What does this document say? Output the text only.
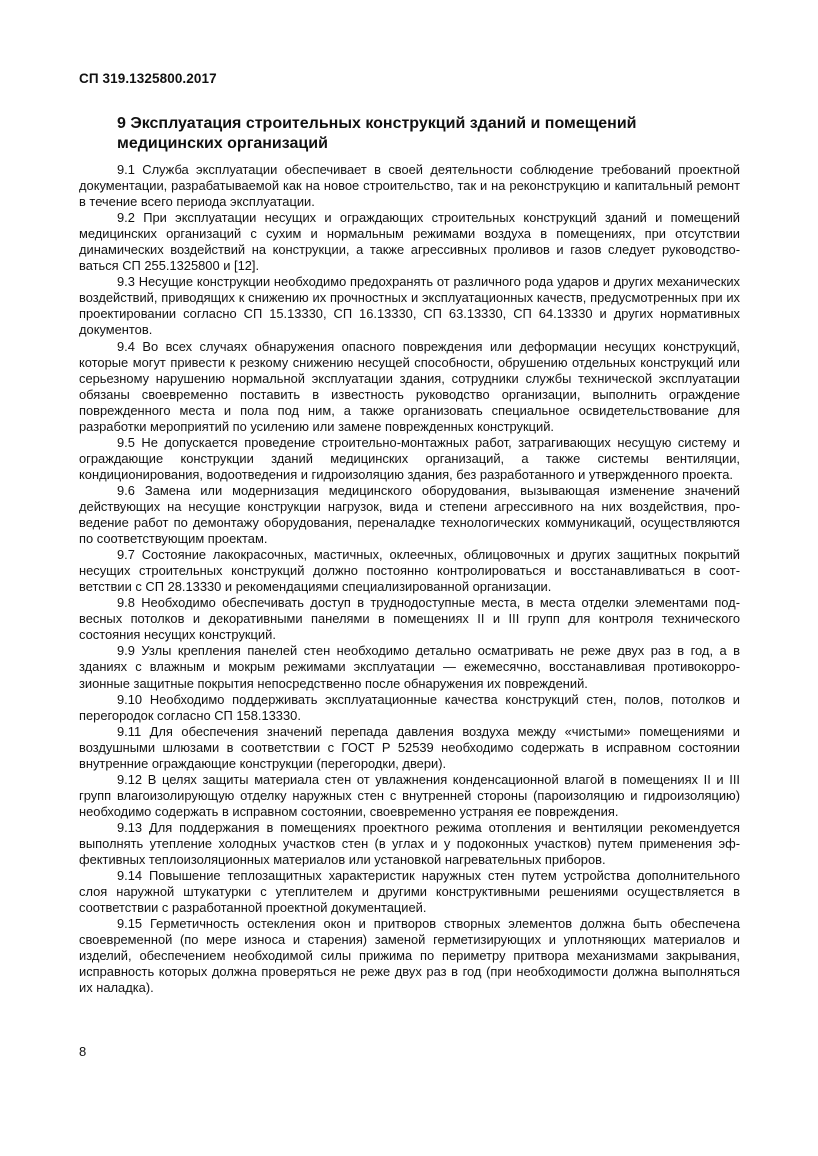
СП 319.1325800.2017
9 Эксплуатация строительных конструкций зданий и помещений медицинских организаций

9.1 Служба эксплуатации обеспечивает в своей деятельности соблюдение требований проектной документации, разрабатываемой как на новое строительство, так и на реконструкцию и капитальный ремонт в течение всего периода эксплуатации.

9.2 При эксплуатации несущих и ограждающих строительных конструкций зданий и помещений медицинских организаций с сухим и нормальным режимами воздуха в помещениях, при отсутствии динамических воздействий на конструкции, а также агрессивных проливов и газов следует руководствоваться СП 255.1325800 и [12].

9.3 Несущие конструкции необходимо предохранять от различного рода ударов и других механических воздействий, приводящих к снижению их прочностных и эксплуатационных качеств, предусмотренных при их проектировании согласно СП 15.13330, СП 16.13330, СП 63.13330, СП 64.13330 и других нормативных документов.

9.4 Во всех случаях обнаружения опасного повреждения или деформации несущих конструкций, которые могут привести к резкому снижению несущей способности, обрушению отдельных конструкций или серьезному нарушению нормальной эксплуатации здания, сотрудники службы технической эксплуатации обязаны своевременно поставить в известность руководство организации, выполнить ограждение поврежденного места и пола под ним, а также организовать специальное освидетельствование для разработки мероприятий по усилению или замене поврежденных конструкций.

9.5 Не допускается проведение строительно-монтажных работ, затрагивающих несущую систему и ограждающие конструкции зданий медицинских организаций, а также системы вентиляции, кондиционирования, водоотведения и гидроизоляцию здания, без разработанного и утвержденного проекта.

9.6 Замена или модернизация медицинского оборудования, вызывающая изменение значений действующих на несущие конструкции нагрузок, вида и степени агрессивного на них воздействия, проведение работ по демонтажу оборудования, переналадке технологических коммуникаций, осуществляются по соответствующим проектам.

9.7 Состояние лакокрасочных, мастичных, оклеечных, облицовочных и других защитных покрытий несущих строительных конструкций должно постоянно контролироваться и восстанавливаться в соответствии с СП 28.13330 и рекомендациями специализированной организации.

9.8 Необходимо обеспечивать доступ в труднодоступные места, в места отделки элементами подвесных потолков и декоративными панелями в помещениях II и III групп для контроля технического состояния несущих конструкций.

9.9 Узлы крепления панелей стен необходимо детально осматривать не реже двух раз в год, а в зданиях с влажным и мокрым режимами эксплуатации — ежемесячно, восстанавливая противокоррозионные защитные покрытия непосредственно после обнаружения их повреждений.

9.10 Необходимо поддерживать эксплуатационные качества конструкций стен, полов, потолков и перегородок согласно СП 158.13330.

9.11 Для обеспечения значений перепада давления воздуха между «чистыми» помещениями и воздушными шлюзами в соответствии с ГОСТ Р 52539 необходимо содержать в исправном состоянии внутренние ограждающие конструкции (перегородки, двери).

9.12 В целях защиты материала стен от увлажнения конденсационной влагой в помещениях II и III групп влагоизолирующую отделку наружных стен с внутренней стороны (пароизоляцию и гидроизоляцию) необходимо содержать в исправном состоянии, своевременно устраняя ее повреждения.

9.13 Для поддержания в помещениях проектного режима отопления и вентиляции рекомендуется выполнять утепление холодных участков стен (в углах и у подоконных участков) путем применения эффективных теплоизоляционных материалов или установкой нагревательных приборов.

9.14 Повышение теплозащитных характеристик наружных стен путем устройства дополнительного слоя наружной штукатурки с утеплителем и другими конструктивными решениями осуществляется в соответствии с разработанной проектной документацией.

9.15 Герметичность остекления окон и притворов створных элементов должна быть обеспечена своевременной (по мере износа и старения) заменой герметизирующих и уплотняющих материалов и изделий, обеспечением необходимой силы прижима по периметру притвора механизмами закрывания, исправность которых должна проверяться не реже двух раз в год (при необходимости должна выполняться их наладка).

8
